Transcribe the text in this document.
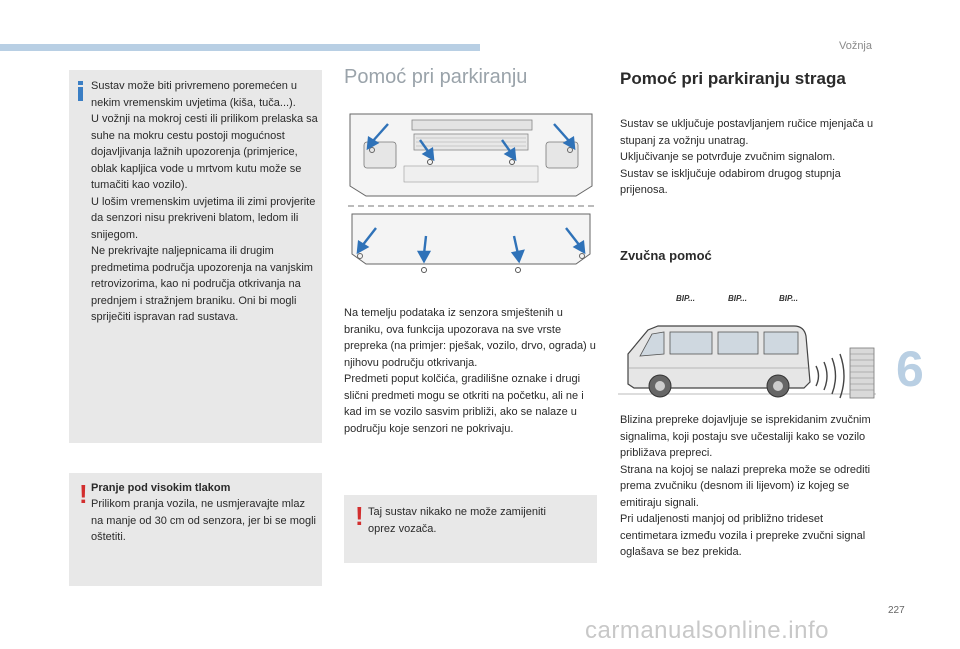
Vožnja
6
227
carmanualsonline.info

Sustav može biti privremeno poremećen u nekim vremenskim uvjetima (kiša, tuča...).
U vožnji na mokroj cesti ili prilikom prelaska sa suhe na mokru cestu postoji mogućnost dojavljivanja lažnih upozorenja (primjerice, oblak kapljica vode u mrtvom kutu može se tumačiti kao vozilo).
U lošim vremenskim uvjetima ili zimi provjerite da senzori nisu prekriveni blatom, ledom ili snijegom.
Ne prekrivajte naljepnicama ili drugim predmetima područja upozorenja na vanjskim retrovizorima, kao ni područja otkrivanja na prednjem i stražnjem braniku. Oni bi mogli spriječiti ispravan rad sustava.

! Pranje pod visokim tlakom

Prilikom pranja vozila, ne usmjeravajte mlaz na manje od 30 cm od senzora, jer bi se mogli oštetiti.

Pomoć pri parkiranju

Na temelju podataka iz senzora smještenih u braniku, ova funkcija upozorava na sve vrste prepreka (na primjer: pješak, vozilo, drvo, ograda) u njihovu području otkrivanja.
Predmeti poput kolčića, gradilišne oznake i drugi slični predmeti mogu se otkriti na početku, ali ne i kad im se vozilo sasvim približi, ako se nalaze u području koje senzori ne pokrivaju.

! Taj sustav nikako ne može zamijeniti oprez vozača.

Pomoć pri parkiranju straga

Sustav se uključuje postavljanjem ručice mjenjača u stupanj za vožnju unatrag.
Uključivanje se potvrđuje zvučnim signalom.
Sustav se isključuje odabirom drugog stupnja prijenosa.

Zvučna pomoć
BIP...	BIP...	BIP...

Blizina prepreke dojavljuje se isprekidanim zvučnim signalima, koji postaju sve učestaliji kako se vozilo približava prepreci.
Strana na kojoj se nalazi prepreka može se odrediti prema zvučniku (desnom ili lijevom) iz kojeg se emitiraju signali.
Pri udaljenosti manjoj od približno trideset centimetara između vozila i prepreke zvučni signal oglašava se bez prekida.
